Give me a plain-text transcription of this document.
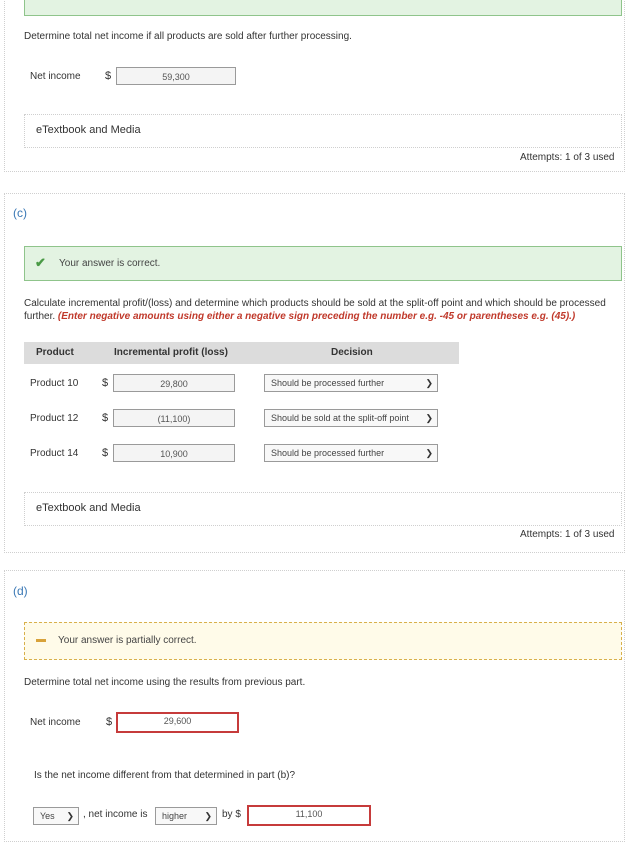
Determine total net income if all products are sold after further processing.
Net income $	59,300
eTextbook and Media
Attempts: 1 of 3 used
(c)
✔ Your answer is correct.
Calculate incremental profit/(loss) and determine which products should be sold at the split-off point and which should be processed further. (Enter negative amounts using either a negative sign preceding the number e.g. -45 or parentheses e.g. (45).)
Product	Incremental profit (loss)	Decision
Product 10 $	29,800	Should be processed further	❯
Product 12 $	(11,100)	Should be sold at the split-off point ❯
Product 14 $	10,900	Should be processed further	❯
eTextbook and Media
Attempts: 1 of 3 used
(d)
Your answer is partially correct.
Determine total net income using the results from previous part.
Net income $	29,600
Is the net income different from that determined in part (b)?
Yes ❯ , net income is	higher ❯ by $	11,100
